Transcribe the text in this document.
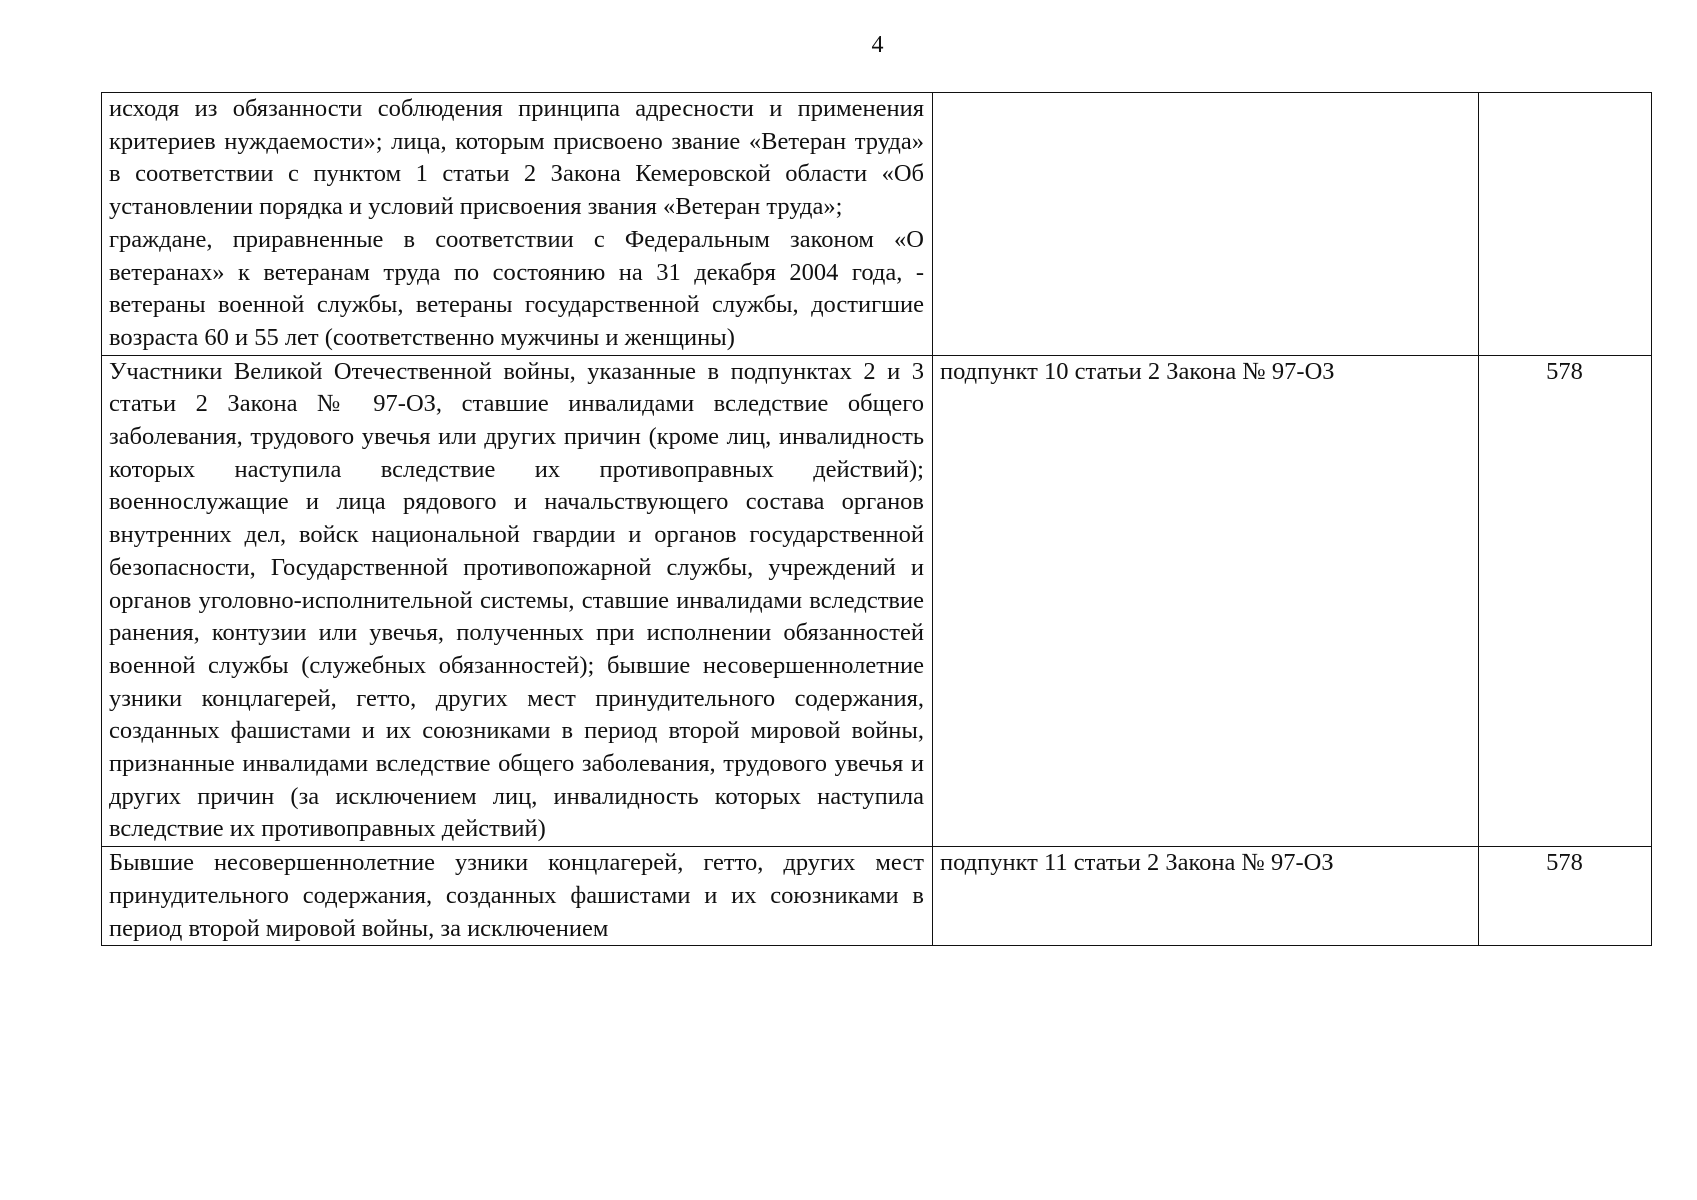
4
исходя из обязанности соблюдения принципа адресности и применения критериев нуждаемости»; лица, которым присвоено звание «Ветеран труда» в соответствии с пунктом 1 статьи 2 Закона Кемеровской области «Об установлении порядка и условий присвоения звания «Ветеран труда»;
граждане, приравненные в соответствии с Федеральным законом «О ветеранах» к ветеранам труда по состоянию на 31 декабря 2004 года, - ветераны военной службы, ветераны государственной службы, достигшие возраста 60 и 55 лет (соответственно мужчины и женщины)		

Участники Великой Отечественной войны, указанные в подпунктах 2 и 3 статьи 2 Закона № 97-ОЗ, ставшие инвалидами вследствие общего заболевания, трудового увечья или других причин (кроме лиц, инвалидность которых наступила вследствие их противоправных действий); военнослужащие и лица рядового и начальствующего состава органов внутренних дел, войск национальной гвардии и органов государственной безопасности, Государственной противопожарной службы, учреждений и органов уголовно-исполнительной системы, ставшие инвалидами вследствие ранения, контузии или увечья, полученных при исполнении обязанностей военной службы (служебных обязанностей); бывшие несовершеннолетние узники концлагерей, гетто, других мест принудительного содержания, созданных фашистами и их союзниками в период второй мировой войны, признанные инвалидами вследствие общего заболевания, трудового увечья и других причин (за исключением лиц, инвалидность которых наступила вследствие их противоправных действий)	подпункт 10 статьи 2 Закона № 97-ОЗ	578

Бывшие несовершеннолетние узники концлагерей, гетто, других мест принудительного содержания, созданных фашистами и их союзниками в период второй мировой войны, за исключением	подпункт 11 статьи 2 Закона № 97-ОЗ	578
